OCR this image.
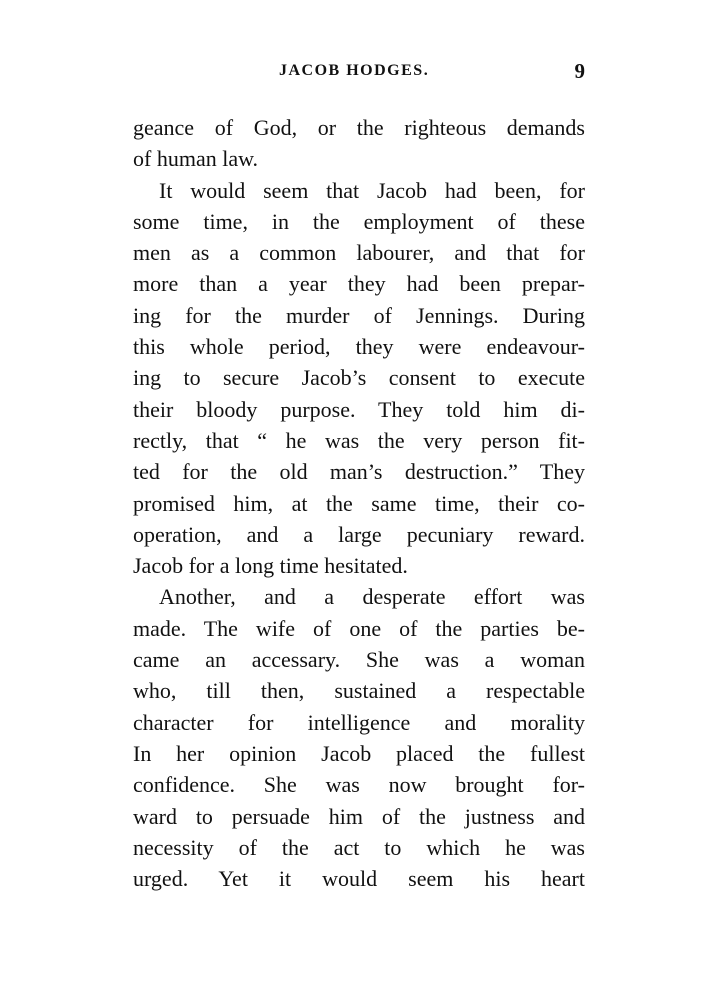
JACOB HODGES.	9
geance of God, or the righteous demands
of human law.
It would seem that Jacob had been, for
some time, in the employment of these
men as a common labourer, and that for
more than a year they had been prepar-
ing for the murder of Jennings. During
this whole period, they were endeavour-
ing to secure Jacob’s consent to execute
their bloody purpose. They told him di-
rectly, that “ he was the very person fit-
ted for the old man’s destruction.” They
promised him, at the same time, their co-
operation, and a large pecuniary reward.
Jacob for a long time hesitated.
Another, and a desperate effort was
made. The wife of one of the parties be-
came an accessary. She was a woman
who, till then, sustained a respectable
character for intelligence and morality
In her opinion Jacob placed the fullest
confidence. She was now brought for-
ward to persuade him of the justness and
necessity of the act to which he was
urged. Yet it would seem his heart
